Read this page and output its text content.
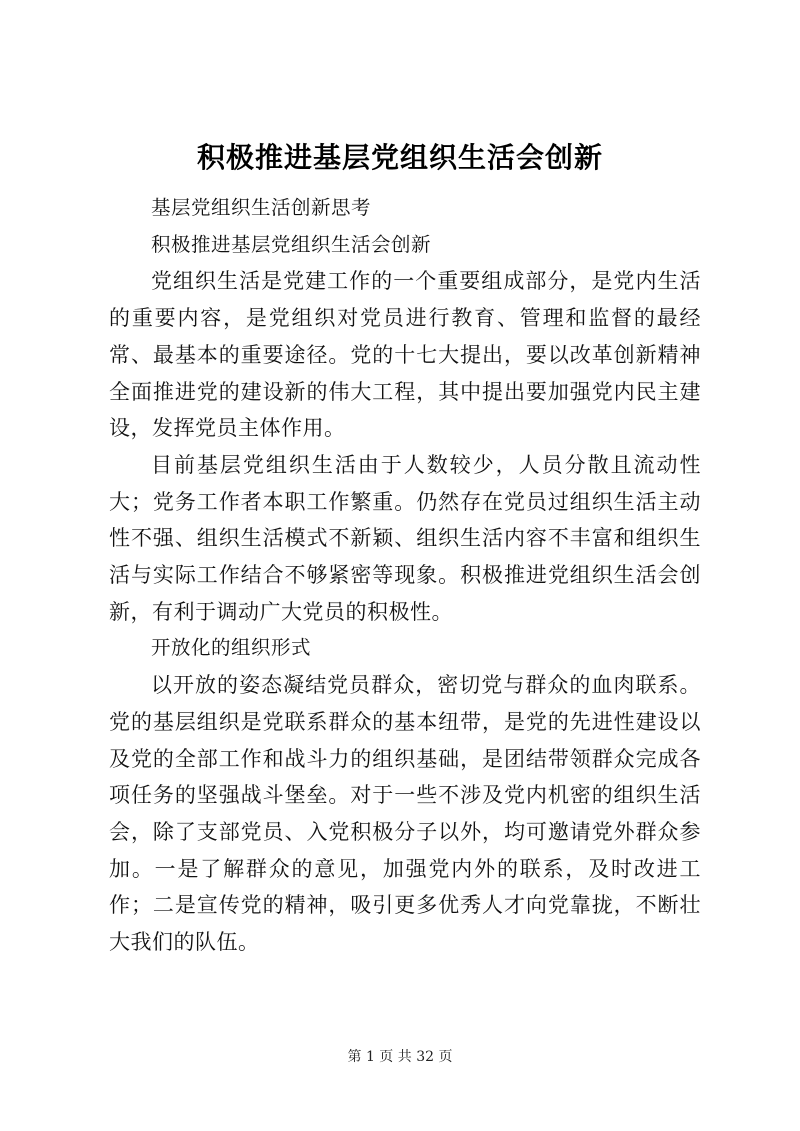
积极推进基层党组织生活会创新

基层党组织生活创新思考

积极推进基层党组织生活会创新

党组织生活是党建工作的一个重要组成部分，是党内生活的重要内容，是党组织对党员进行教育、管理和监督的最经常、最基本的重要途径。党的十七大提出，要以改革创新精神全面推进党的建设新的伟大工程，其中提出要加强党内民主建设，发挥党员主体作用。

目前基层党组织生活由于人数较少，人员分散且流动性大；党务工作者本职工作繁重。仍然存在党员过组织生活主动性不强、组织生活模式不新颖、组织生活内容不丰富和组织生活与实际工作结合不够紧密等现象。积极推进党组织生活会创新，有利于调动广大党员的积极性。

开放化的组织形式

以开放的姿态凝结党员群众，密切党与群众的血肉联系。党的基层组织是党联系群众的基本纽带，是党的先进性建设以及党的全部工作和战斗力的组织基础，是团结带领群众完成各项任务的坚强战斗堡垒。对于一些不涉及党内机密的组织生活会，除了支部党员、入党积极分子以外，均可邀请党外群众参加。一是了解群众的意见，加强党内外的联系，及时改进工作；二是宣传党的精神，吸引更多优秀人才向党靠拢，不断壮大我们的队伍。

第 1 页 共 32 页
